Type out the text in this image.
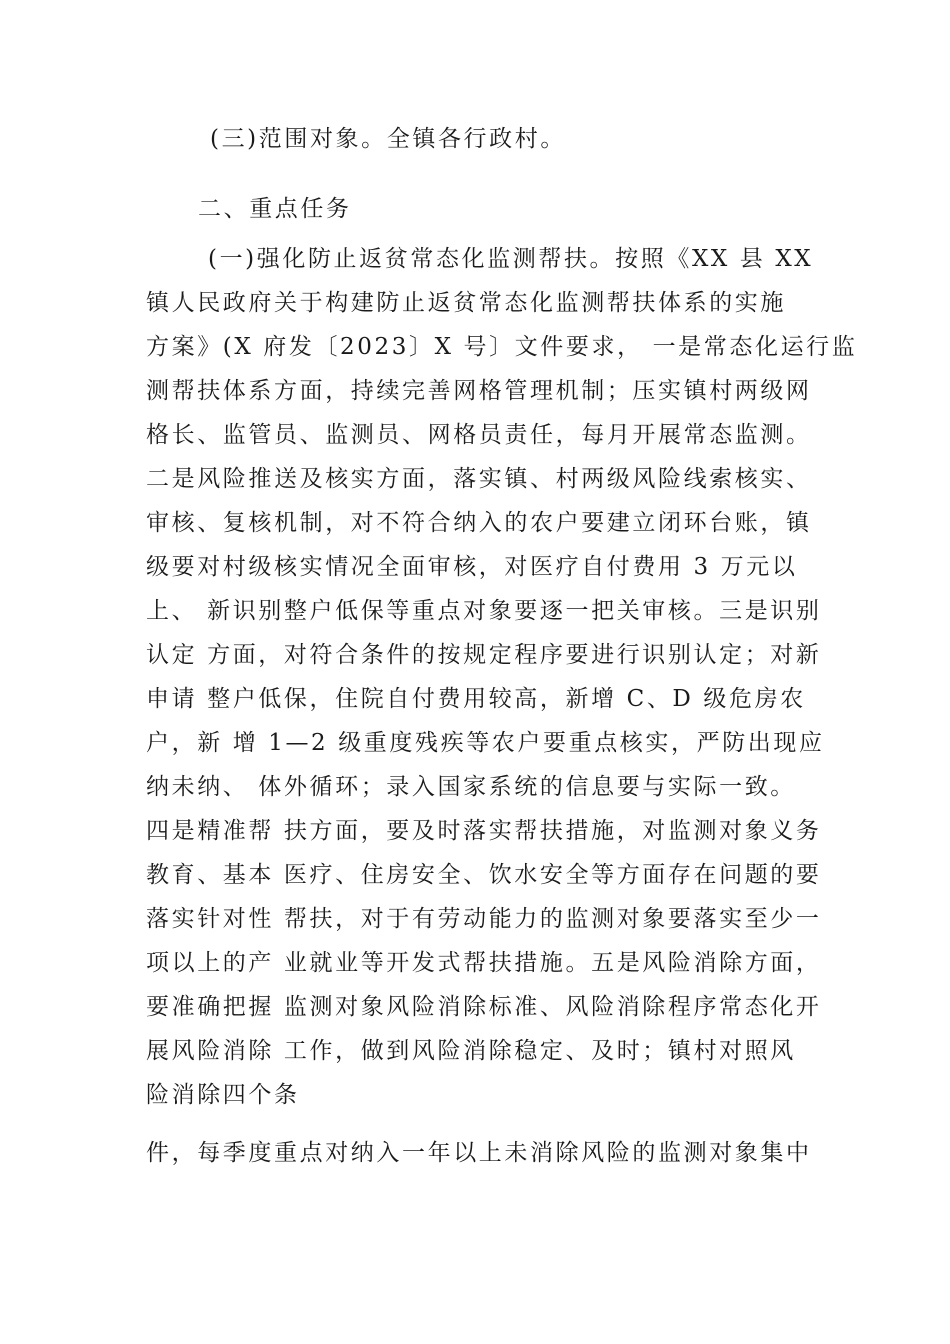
(三)范围对象。全镇各行政村。
二、重点任务
(一)强化防止返贫常态化监测帮扶。按照《XX 县 XX
镇人民政府关于构建防止返贫常态化监测帮扶体系的实施
方案》(X 府发〔2023〕X 号〕文件要求， 一是常态化运行监
测帮扶体系方面，持续完善网格管理机制；压实镇村两级网
格长、监管员、监测员、网格员责任，每月开展常态监测。
二是风险推送及核实方面，落实镇、村两级风险线索核实、
审核、复核机制，对不符合纳入的农户要建立闭环台账，镇
级要对村级核实情况全面审核，对医疗自付费用 3 万元以
上、 新识别整户低保等重点对象要逐一把关审核。三是识别
认定 方面，对符合条件的按规定程序要进行识别认定；对新
申请 整户低保，住院自付费用较高，新增 C、D 级危房农
户，新 增 1—2 级重度残疾等农户要重点核实，严防出现应
纳未纳、 体外循环；录入国家系统的信息要与实际一致。
四是精准帮 扶方面，要及时落实帮扶措施，对监测对象义务
教育、基本 医疗、住房安全、饮水安全等方面存在问题的要
落实针对性 帮扶，对于有劳动能力的监测对象要落实至少一
项以上的产 业就业等开发式帮扶措施。五是风险消除方面，
要准确把握 监测对象风险消除标准、风险消除程序常态化开
展风险消除 工作，做到风险消除稳定、及时；镇村对照风
险消除四个条
件，每季度重点对纳入一年以上未消除风险的监测对象集中
